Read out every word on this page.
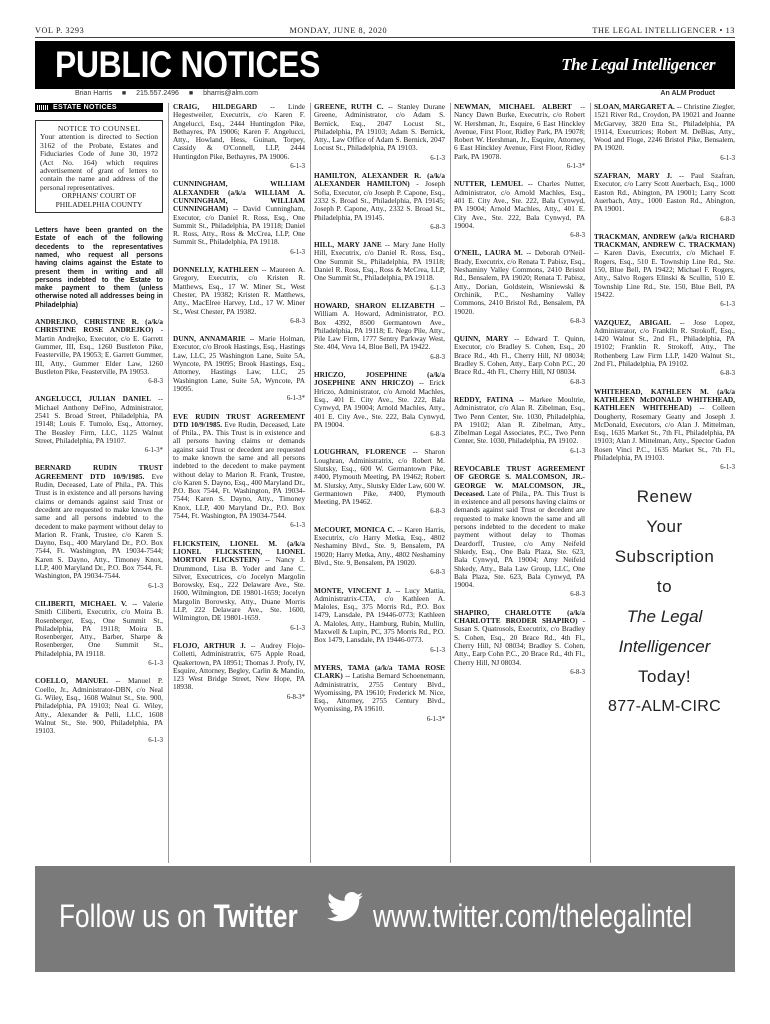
VOL P. 3293	MONDAY, JUNE 8, 2020	THE LEGAL INTELLIGENCER • 13
PUBLIC NOTICES	The Legal Intelligencer
Brian Harris ■ 215.557.2496 ■ bharris@alm.com	An ALM Product
ESTATE NOTICES
NOTICE TO COUNSEL
Your attention is directed to Section 3162 of the Probate, Estates and Fiduciaries Code of June 30, 1972 (Act No. 164) which requires advertisement of grant of letters to contain the name and address of the personal representatives.
ORPHANS' COURT OF PHILADELPHIA COUNTY
Letters have been granted on the Estate of each of the following decedents to the representatives named, who request all persons having claims against the Estate to present them in writing and all persons indebted to the Estate to make payment to them (unless otherwise noted all addresses being in Philadelphia)
ANDREJKO, CHRISTINE R. (a/k/a CHRISTINE ROSE ANDREJKO) - Martin Andrejko, Executor, c/o E. Garrett Gummer, III, Esq., 1260 Bustleton Pike, Feasterville, PA 19053; E. Garrett Gummer, III, Atty., Gummer Elder Law, 1260 Bustleton Pike, Feasterville, PA 19053.
6-8-3
ANGELUCCI, JULIAN DANIEL -- Michael Anthony DeFino, Administrator, 2541 S. Broad Street, Philadelphia, PA 19148; Louis F. Tumolo, Esq., Attorney, The Beasley Firm, LLC, 1125 Walnut Street, Philadelphia, PA 19107.
6-1-3*
BERNARD RUDIN TRUST AGREEMENT DTD 10/9/1985. Eve Rudin, Deceased, Late of Phila., PA. This Trust is in existence and all persons having claims or demands against said Trust or decedent are requested to make known the same and all persons indebted to the decedent to make payment without delay to Marion R. Frank, Trustee, c/o Karen S. Dayno, Esq., 400 Maryland Dr., P.O. Box 7544, Ft. Washington, PA 19034-7544; Karen S. Dayno, Atty., Timoney Knox, LLP, 400 Maryland Dr., P.O. Box 7544, Ft. Washington, PA 19034-7544.
6-1-3
CILIBERTI, MICHAEL V. -- Valerie Smith Ciliberti, Executrix, c/o Moira B. Rosenberger, Esq., One Summit St., Philadelphia, PA 19118; Moira B. Rosenberger, Atty., Barber, Sharpe & Rosenberger, One Summit St., Philadelphia, PA 19118.
6-1-3
COELLO, MANUEL -- Manuel P. Coello, Jr., Administrator-DBN, c/o Neal G. Wiley, Esq., 1608 Walnut St., Ste. 900, Philadelphia, PA 19103; Neal G. Wiley, Atty., Alexander & Pelli, LLC, 1608 Walnut St., Ste. 900, Philadelphia, PA 19103.
6-1-3
CRAIG, HILDEGARD -- Linde Hegestweiler, Executrix, c/o Karen F. Angelucci, Esq., 2444 Huntingdon Pike, Bethayres, PA 19006; Karen F. Angelucci, Atty., Howland, Hess, Guinan, Torpey, Cassidy & O'Connell, LLP, 2444 Huntingdon Pike, Bethayres, PA 19006.
6-1-3
CUNNINGHAM, WILLIAM ALEXANDER (a/k/a WILLIAM A. CUNNINGHAM, WILLIAM CUNNINGHAM) -- David Cunningham, Executor, c/o Daniel R. Ross, Esq., One Summit St., Philadelphia, PA 19118; Daniel R. Ross, Atty., Ross & McCrea, LLP, One Summit St., Philadelphia, PA 19118.
6-1-3
DONNELLY, KATHLEEN -- Maureen A. Gregory, Executrix, c/o Kristen R. Matthews, Esq., 17 W. Miner St., West Chester, PA 19382; Kristen R. Matthews, Atty., MacElree Harvey, Ltd., 17 W. Miner St., West Chester, PA 19382.
6-8-3
DUNN, ANNAMARIE -- Marie Holman, Executor, c/o Brook Hastings, Esq., Hastings Law, LLC, 25 Washington Lane, Suite 5A, Wyncote, PA 19095; Brook Hastings, Esq., Attorney, Hastings Law, LLC, 25 Washington Lane, Suite 5A, Wyncote, PA 19095.
6-1-3*
EVE RUDIN TRUST AGREEMENT DTD 10/9/1985. Eve Rudin, Deceased, Late of Phila., PA. This Trust is in existence and all persons having claims or demands against said Trust or decedent are requested to make known the same and all persons indebted to the decedent to make payment without delay to Marion R. Frank, Trustee, c/o Karen S. Dayno, Esq., 400 Maryland Dr., P.O. Box 7544, Ft. Washington, PA 19034-7544; Karen S. Dayno, Atty., Timoney Knox, LLP, 400 Maryland Dr., P.O. Box 7544, Ft. Washington, PA 19034-7544.
6-1-3
FLICKSTEIN, LIONEL M. (a/k/a LIONEL FLICKSTEIN, LIONEL MORTON FLICKSTEIN) -- Nancy J. Drummond, Lisa B. Yoder and Jane C. Silver, Executrices, c/o Jocelyn Margolin Borowsky, Esq., 222 Delaware Ave., Ste. 1600, Wilmington, DE 19801-1659; Jocelyn Margolin Borowsky, Atty., Duane Morris LLP, 222 Delaware Ave., Ste. 1600, Wilmington, DE 19801-1659.
6-1-3
FLOJO, ARTHUR J. -- Audrey Flojo-Colletti, Administratrix, 675 Apple Road, Quakertown, PA 18951; Thomas J. Profy, IV, Esquire, Attorney, Begley, Carlin & Mandio, 123 West Bridge Street, New Hope, PA 18938.
6-8-3*
GREENE, RUTH C. -- Stanley Durane Greene, Administrator, c/o Adam S. Bernick, Esq., 2047 Locust St., Philadelphia, PA 19103; Adam S. Bernick, Atty., Law Office of Adam S. Bernick, 2047 Locust St., Philadelphia, PA 19103.
6-1-3
HAMILTON, ALEXANDER R. (a/k/a ALEXANDER HAMILTON) - Joseph Sofia, Executor, c/o Joseph P. Capone, Esq., 2332 S. Broad St., Philadelphia, PA 19145; Joseph P. Capone, Atty., 2332 S. Broad St., Philadelphia, PA 19145.
6-8-3
HILL, MARY JANE -- Mary Jane Holly Hill, Executrix, c/o Daniel R. Ross, Esq., One Summit St., Philadelphia, PA 19118; Daniel R. Ross, Esq., Ross & McCrea, LLP, One Summit St., Philadelphia, PA 19118.
6-1-3
HOWARD, SHARON ELIZABETH -- William A. Howard, Administrator, P.O. Box 4392, 8500 Germantown Ave., Philadelphia, PA 19118; E. Nego Pile, Atty., Pile Law Firm, 1777 Sentry Parkway West, Ste. 404, Veva 14, Blue Bell, PA 19422.
6-8-3
HRICZO, JOSEPHINE (a/k/a JOSEPHINE ANN HRICZO) -- Erick Hriczo, Administrator, c/o Arnold Machles, Esq., 401 E. City Ave., Ste. 222, Bala Cynwyd, PA 19004; Arnold Machles, Atty., 401 E. City Ave., Ste. 222, Bala Cynwyd, PA 19004.
6-8-3
LOUGHRAN, FLORENCE -- Sharon Loughran, Administratrix, c/o Robert M. Slutsky, Esq., 600 W. Germantown Pike, #400, Plymouth Meeting, PA 19462; Robert M. Slutsky, Atty., Slutsky Elder Law, 600 W. Germantown Pike, #400, Plymouth Meeting, PA 19462.
6-8-3
McCOURT, MONICA C. -- Karen Harris, Executrix, c/o Harry Metka, Esq., 4802 Neshaminy Blvd., Ste. 9, Bensalem, PA 19020; Harry Metka, Atty., 4802 Neshaminy Blvd., Ste. 9, Bensalem, PA 19020.
6-8-3
MONTE, VINCENT J. -- Lucy Mattia, Administratrix-CTA, c/o Kathleen A. Maloles, Esq., 375 Morris Rd., P.O. Box 1479, Lansdale, PA 19446-0773; Kathleen A. Maloles, Atty., Hamburg, Rubin, Mullin, Maxwell & Lupin, PC, 375 Morris Rd., P.O. Box 1479, Lansdale, PA 19446-0773.
6-1-3
MYERS, TAMA (a/k/a TAMA ROSE CLARK) -- Latisha Bernard Schoenemann, Administratrix, 2755 Century Blvd., Wyomissing, PA 19610; Frederick M. Nice, Esq., Attorney, 2755 Century Blvd., Wyomissing, PA 19610.
6-1-3*
NEWMAN, MICHAEL ALBERT -- Nancy Dawn Burke, Executrix, c/o Robert W. Hershman, Jr., Esquire, 6 East Hinckley Avenue, First Floor, Ridley Park, PA 19078; Robert W. Hershman, Jr., Esquire, Attorney, 6 East Hinckley Avenue, First Floor, Ridley Park, PA 19078.
6-1-3*
NUTTER, LEMUEL -- Charles Nutter, Administrator, c/o Arnold Machles, Esq., 401 E. City Ave., Ste. 222, Bala Cynwyd, PA 19004; Arnold Machles, Atty., 401 E. City Ave., Ste. 222, Bala Cynwyd, PA 19004.
6-8-3
O'NEIL, LAURA M. -- Deborah O'Neil-Brady, Executrix, c/o Renata T. Pabisz, Esq., Neshaminy Valley Commons, 2410 Bristol Rd., Bensalem, PA 19020; Renata T. Pabisz, Atty., Dorian, Goldstein, Wisniewski & Orchinik, P.C., Neshaminy Valley Commons, 2410 Bristol Rd., Bensalem, PA 19020.
6-8-3
QUINN, MARY -- Edward T. Quinn, Executor, c/o Bradley S. Cohen, Esq., 20 Brace Rd., 4th Fl., Cherry Hill, NJ 08034; Bradley S. Cohen, Atty., Earp Cohn P.C., 20 Brace Rd., 4th Fl., Cherry Hill, NJ 08034.
6-8-3
REDDY, FATINA -- Markee Moultrie, Administrator, c/o Alan R. Zibelman, Esq., Two Penn Center, Ste. 1030, Philadelphia, PA 19102; Alan R. Zibelman, Atty., Zibelman Legal Associates, P.C., Two Penn Center, Ste. 1030, Philadelphia, PA 19102.
6-1-3
REVOCABLE TRUST AGREEMENT OF GEORGE S. MALCOMSON, JR.- GEORGE W. MALCOMSON, JR., Deceased. Late of Phila., PA. This Trust is in existence and all persons having claims or demands against said Trust or decedent are requested to make known the same and all persons indebted to the decedent to make payment without delay to Thomas Deardorff, Trustee, c/o Amy Neifeld Shkedy, Esq., One Bala Plaza, Ste. 623, Bala Cynwyd, PA 19004; Amy Neifeld Shkedy, Atty., Bala Law Group, LLC, One Bala Plaza, Ste. 623, Bala Cynwyd, PA 19004.
6-8-3
SHAPIRO, CHARLOTTE (a/k/a CHARLOTTE BRODER SHAPIRO) - Susan S. Quatrosols, Executrix, c/o Bradley S. Cohen, Esq., 20 Brace Rd., 4th Fl., Cherry Hill, NJ 08034; Bradley S. Cohen, Atty., Earp Cohn P.C., 20 Brace Rd., 4th Fl., Cherry Hill, NJ 08034.
6-8-3
SLOAN, MARGARET A. -- Christine Ziegler, 1521 River Rd., Croydon, PA 19021 and Joanne McGarvey, 3820 Etta St., Philadelphia, PA 19114, Executrices; Robert M. DeBias, Atty., Wood and Floge, 2246 Bristol Pike, Bensalem, PA 19020.
6-1-3
SZAFRAN, MARY J. -- Paul Szafran, Executor, c/o Larry Scott Auerbach, Esq., 1000 Easton Rd., Abington, PA 19001; Larry Scott Auerbach, Atty., 1000 Easton Rd., Abington, PA 19001.
6-8-3
TRACKMAN, ANDREW (a/k/a RICHARD TRACKMAN, ANDREW C. TRACKMAN) -- Karen Davis, Executrix, c/o Michael F. Rogers, Esq., 510 E. Township Line Rd., Ste. 150, Blue Bell, PA 19422; Michael F. Rogers, Atty., Salvo Rogers Elinski & Scullin, 510 E. Township Line Rd., Ste. 150, Blue Bell, PA 19422.
6-1-3
VAZQUEZ, ABIGAIL -- Jose Lopez, Administrator, c/o Franklin R. Strokoff, Esq., 1420 Walnut St., 2nd Fl., Philadelphia, PA 19102; Franklin R. Strokoff, Atty., The Rothenberg Law Firm LLP, 1420 Walnut St., 2nd Fl., Philadelphia, PA 19102.
6-8-3
WHITEHEAD, KATHLEEN M. (a/k/a KATHLEEN McDONALD WHITEHEAD, KATHLEEN WHITEHEAD) -- Colleen Dougherty, Rosemary Geatty and Joseph J. McDonald, Executors, c/o Alan J. Mittelman, Esq., 1635 Market St., 7th Fl., Philadelphia, PA 19103; Alan J. Mittelman, Atty., Spector Gadon Rosen Vinci P.C., 1635 Market St., 7th Fl., Philadelphia, PA 19103.
6-1-3
Renew
Your
Subscription
to
The Legal
Intelligencer
Today!
877-ALM-CIRC
Follow us on Twitter www.twitter.com/thelegalintel
